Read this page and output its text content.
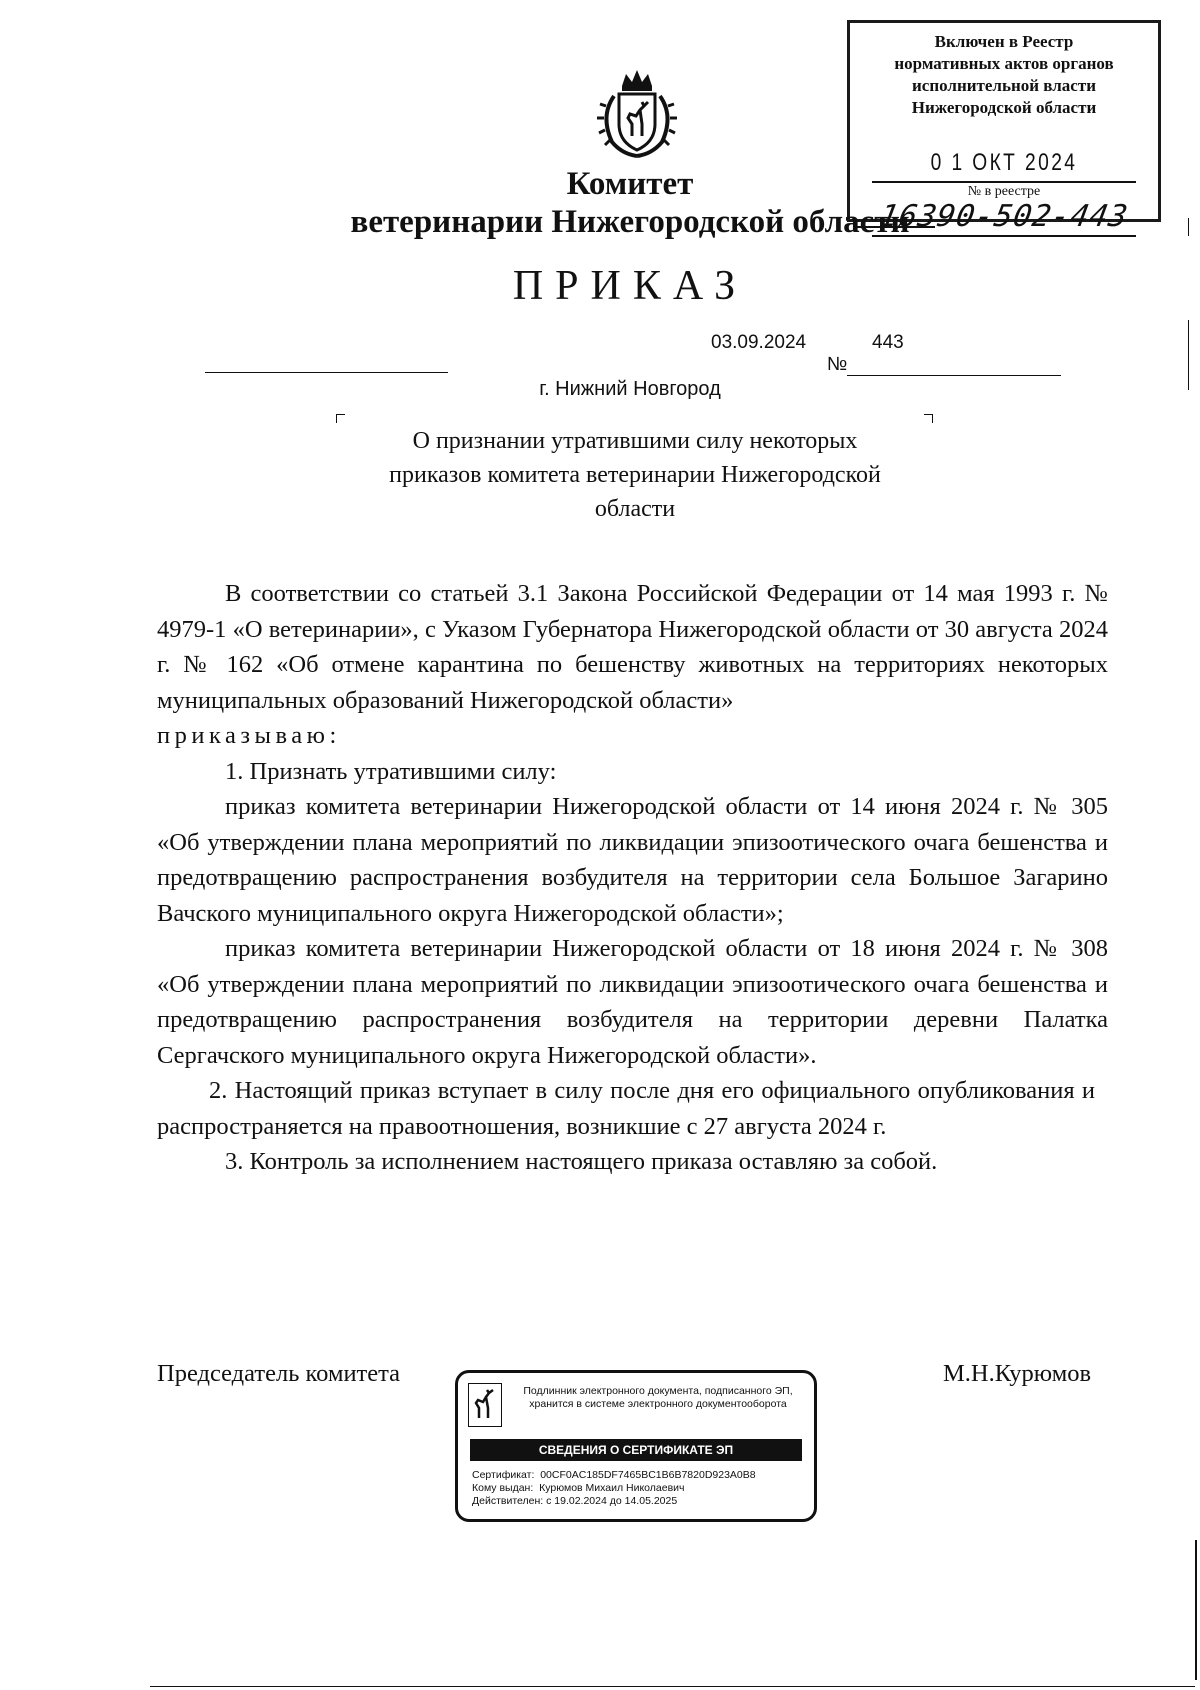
Включен в Реестр
нормативных актов органов
исполнительной власти
Нижегородской области
0 1 ОКТ 2024
№ в реестре
16390-502-443
Комитет
ветеринарии Нижегородской области
ПРИКАЗ
03.09.2024	443
№
г. Нижний Новгород
О признании утратившими силу некоторых
приказов комитета ветеринарии Нижегородской
области

В соответствии со статьей 3.1 Закона Российской Федерации от 14 мая 1993 г. № 4979-1 «О ветеринарии», с Указом Губернатора Нижегородской области от 30 августа 2024 г. № 162 «Об отмене карантина по бешенству животных на территориях некоторых муниципальных образований Нижегородской области»

приказываю:

1. Признать утратившими силу:

приказ комитета ветеринарии Нижегородской области от 14 июня 2024 г. № 305 «Об утверждении плана мероприятий по ликвидации эпизоотического очага бешенства и предотвращению распространения возбудителя на территории села Большое Загарино Вачского муниципального округа Нижегородской области»;

приказ комитета ветеринарии Нижегородской области от 18 июня 2024 г. № 308 «Об утверждении плана мероприятий по ликвидации эпизоотического очага бешенства и предотвращению распространения возбудителя на территории деревни Палатка Сергачского муниципального округа Нижегородской области».

2. Настоящий приказ вступает в силу после дня его официального опубликования и распространяется на правоотношения, возникшие с 27 августа 2024 г.

3. Контроль за исполнением настоящего приказа оставляю за собой.

Председатель комитета	М.Н.Курюмов
Подлинник электронного документа, подписанного ЭП,
хранится в системе электронного документооборота
СВЕДЕНИЯ О СЕРТИФИКАТЕ ЭП
Сертификат: 00CF0AC185DF7465BC1B6B7820D923A0B8
Кому выдан: Курюмов Михаил Николаевич
Действителен: с 19.02.2024 до 14.05.2025
